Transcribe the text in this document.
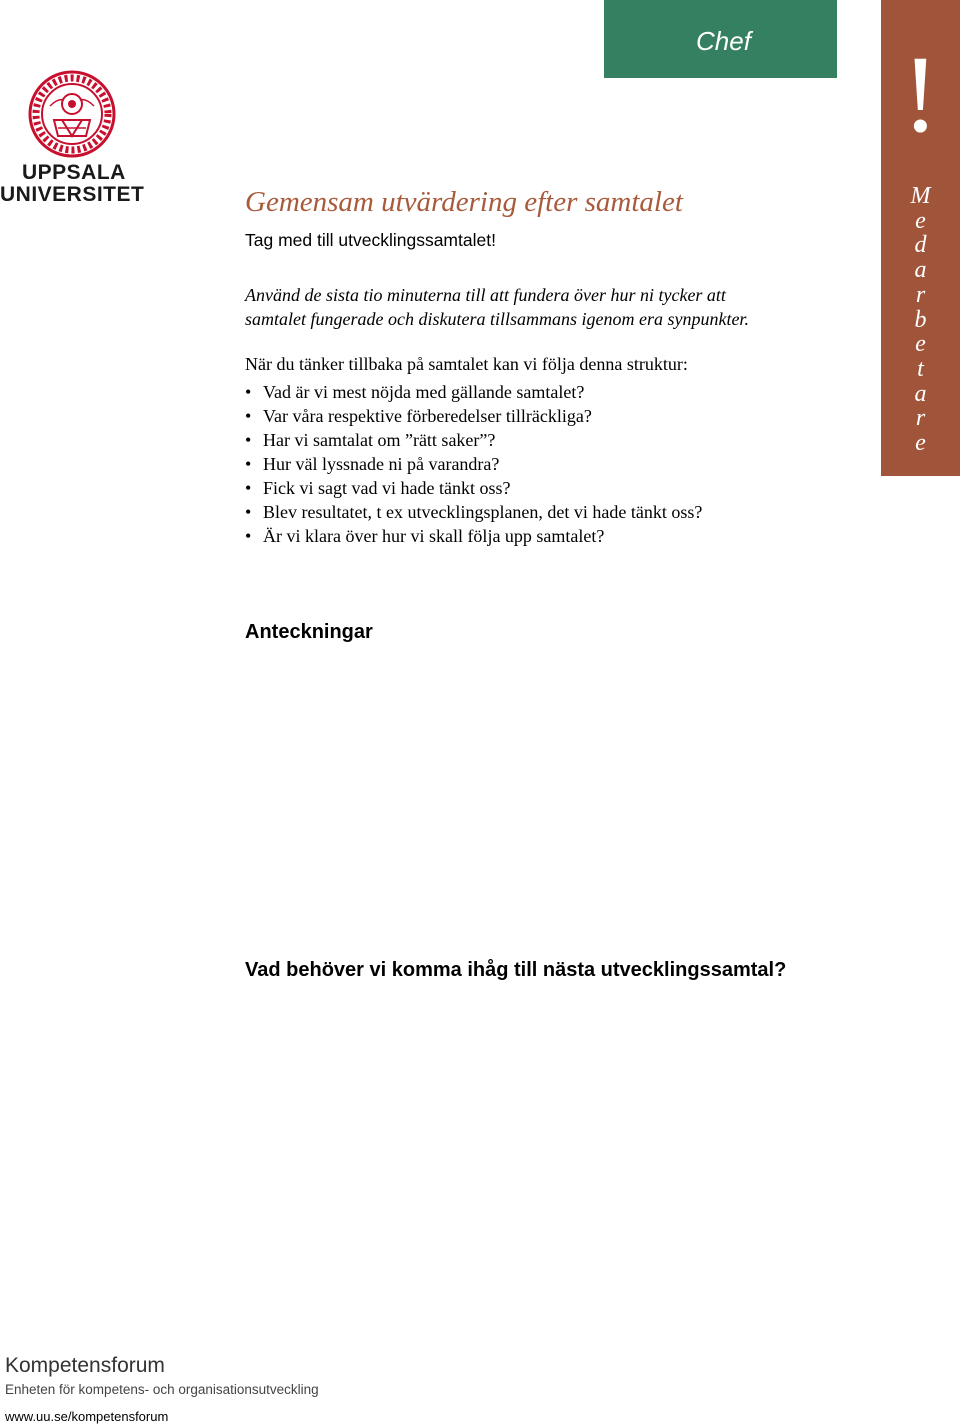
UPPSALA
UNIVERSITET
Chef !
M
e
d
a
r
b
e
t
a
r
e
Gemensam utvärdering efter samtalet
Tag med till utvecklingssamtalet!
Använd de sista tio minuterna till att fundera över hur ni tycker att
samtalet fungerade och diskutera tillsammans igenom era synpunkter.
När du tänker tillbaka på samtalet kan vi följa denna struktur:
• Vad är vi mest nöjda med gällande samtalet?
• Var våra respektive förberedelser tillräckliga?
• Har vi samtalat om ”rätt saker”?
• Hur väl lyssnade ni på varandra?
• Fick vi sagt vad vi hade tänkt oss?
• Blev resultatet, t ex utvecklingsplanen, det vi hade tänkt oss?
• Är vi klara över hur vi skall följa upp samtalet?
Anteckningar
Vad behöver vi komma ihåg till nästa utvecklingssamtal?
Kompetensforum
Enheten för kompetens- och organisationsutveckling
www.uu.se/kompetensforum
